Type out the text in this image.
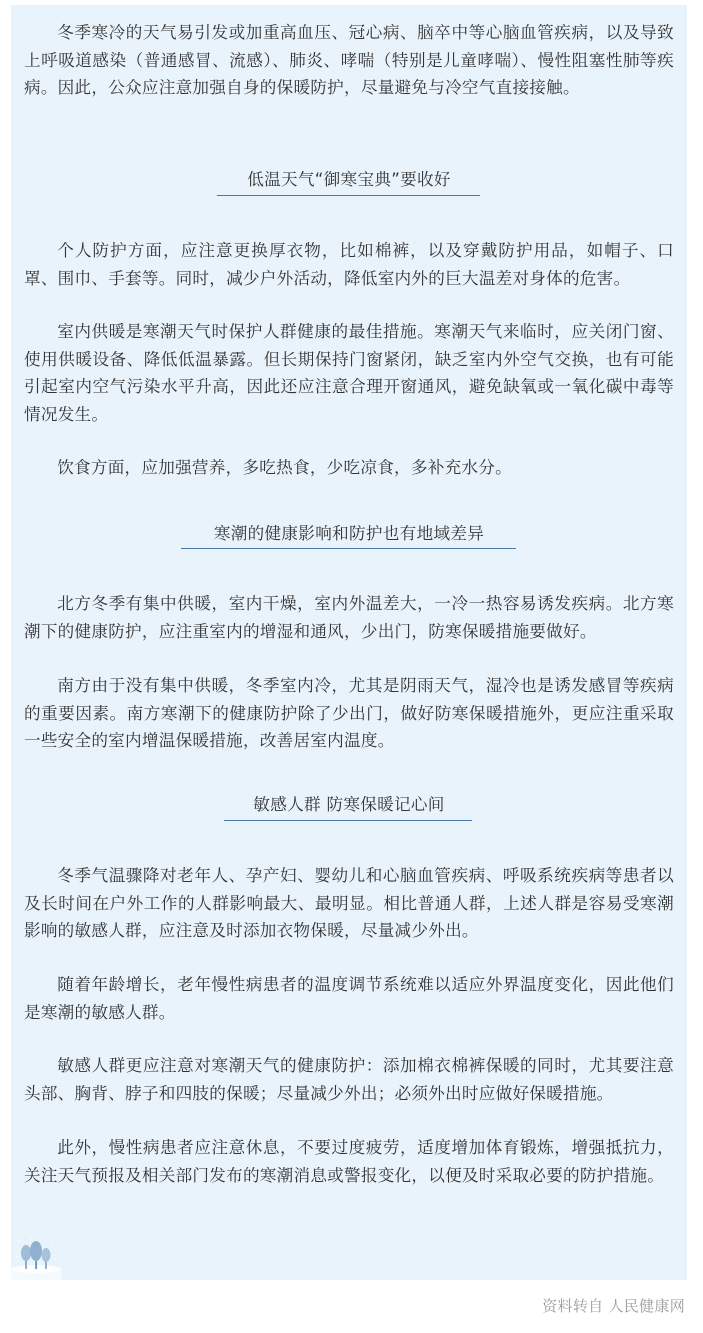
冬季寒冷的天气易引发或加重高血压、冠心病、脑卒中等心脑血管疾病，以及导致上呼吸道感染（普通感冒、流感）、肺炎、哮喘（特别是儿童哮喘）、慢性阻塞性肺等疾病。因此，公众应注意加强自身的保暖防护，尽量避免与冷空气直接接触。

低温天气“御寒宝典”要收好

个人防护方面，应注意更换厚衣物，比如棉裤，以及穿戴防护用品，如帽子、口罩、围巾、手套等。同时，减少户外活动，降低室内外的巨大温差对身体的危害。

室内供暖是寒潮天气时保护人群健康的最佳措施。寒潮天气来临时，应关闭门窗、使用供暖设备、降低低温暴露。但长期保持门窗紧闭，缺乏室内外空气交换，也有可能引起室内空气污染水平升高，因此还应注意合理开窗通风，避免缺氧或一氧化碳中毒等情况发生。

饮食方面，应加强营养，多吃热食，少吃凉食，多补充水分。

寒潮的健康影响和防护也有地域差异

北方冬季有集中供暖，室内干燥，室内外温差大，一冷一热容易诱发疾病。北方寒潮下的健康防护，应注重室内的增湿和通风，少出门，防寒保暖措施要做好。

南方由于没有集中供暖，冬季室内冷，尤其是阴雨天气，湿冷也是诱发感冒等疾病的重要因素。南方寒潮下的健康防护除了少出门，做好防寒保暖措施外，更应注重采取一些安全的室内增温保暖措施，改善居室内温度。

敏感人群 防寒保暖记心间

冬季气温骤降对老年人、孕产妇、婴幼儿和心脑血管疾病、呼吸系统疾病等患者以及长时间在户外工作的人群影响最大、最明显。相比普通人群，上述人群是容易受寒潮影响的敏感人群，应注意及时添加衣物保暖，尽量减少外出。

随着年龄增长，老年慢性病患者的温度调节系统难以适应外界温度变化，因此他们是寒潮的敏感人群。

敏感人群更应注意对寒潮天气的健康防护：添加棉衣棉裤保暖的同时，尤其要注意头部、胸背、脖子和四肢的保暖；尽量减少外出；必须外出时应做好保暖措施。

此外，慢性病患者应注意休息，不要过度疲劳，适度增加体育锻炼，增强抵抗力，关注天气预报及相关部门发布的寒潮消息或警报变化，以便及时采取必要的防护措施。

资料转自 人民健康网
